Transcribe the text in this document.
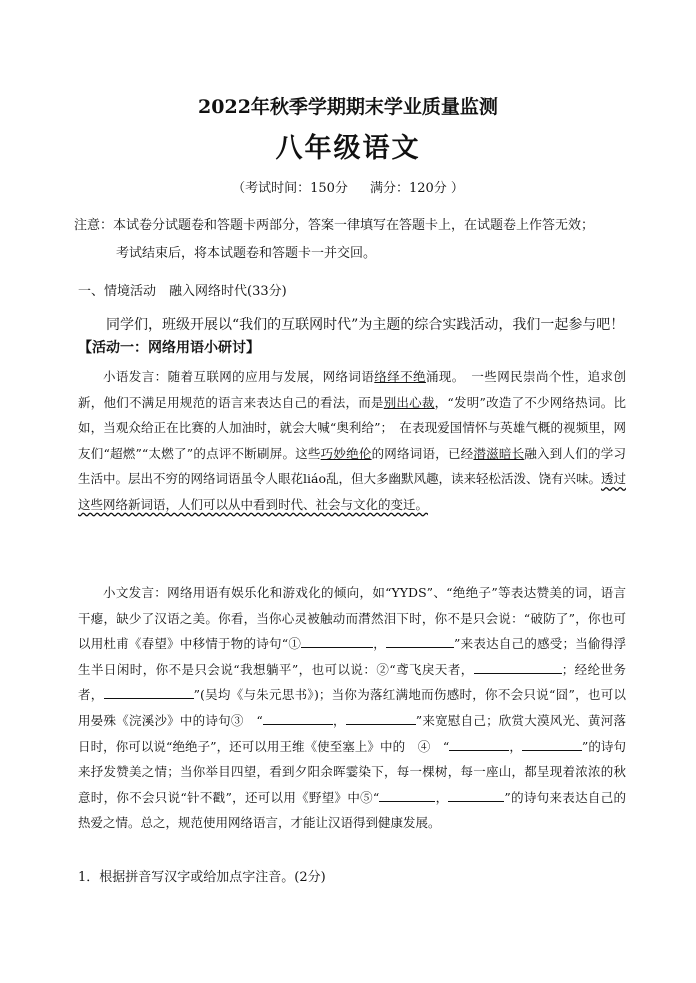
2022年秋季学期期末学业质量监测
八年级语文
（考试时间：150分 满分：120分 ）
注意：本试卷分试题卷和答题卡两部分，答案一律填写在答题卡上，在试题卷上作答无效；
考试结束后，将本试题卷和答题卡一并交回。
一、情境活动　融入网络时代(33分)
同学们，班级开展以“我们的互联网时代”为主题的综合实践活动，我们一起参与吧！
【活动一：网络用语小研讨】

小语发言：随着互联网的应用与发展，网络词语络绎不绝涌现。　一些网民崇尚个性，追求创新，他们不满足用规范的语言来表达自己的看法，而是别出心裁，“发明”改造了不少网络热词。比如，当观众给正在比赛的人加油时，就会大喊“奥利给”；　在表现爱国情怀与英雄气概的视频里，网友们“超燃”“太燃了”的点评不断刷屏。这些巧妙绝伦的网络词语，已经潜滋暗长融入到人们的学习生活中。层出不穷的网络词语虽令人眼花liáo乱，但大多幽默风趣，读来轻松活泼、饶有兴味。透过这些网络新词语，人们可以从中看到时代、社会与文化的变迁。

小文发言：网络用语有娱乐化和游戏化的倾向，如“YYDS”、“绝绝子”等表达赞美的词，语言干瘪，缺少了汉语之美。你看，当你心灵被触动而潸然泪下时，你不是只会说：“破防了”，你也可以用杜甫《春望》中移情于物的诗句“①	，	”来表达自己的感受；当偷得浮生半日闲时，你不是只会说“我想躺平”，也可以说：②“鸢飞戾天者，	；经纶世务者，	”(吴均《与朱元思书》)；当你为落红满地而伤感时，你不会只说“囧”，也可以用晏殊《浣溪沙》中的诗句③　“	，	”来宽慰自己；欣赏大漠风光、黄河落日时，你可以说“绝绝子”，还可以用王维《使至塞上》中的　④　“	，	”的诗句来抒发赞美之情；当你举目四望，看到夕阳余晖霎染下，每一棵树，每一座山，都呈现着浓浓的秋意时，你不会只说“针不戳”，还可以用《野望》中⑤“	，	”的诗句来表达自己的热爱之情。总之，规范使用网络语言，才能让汉语得到健康发展。

1．根据拼音写汉字或给加点字注音。(2分)
